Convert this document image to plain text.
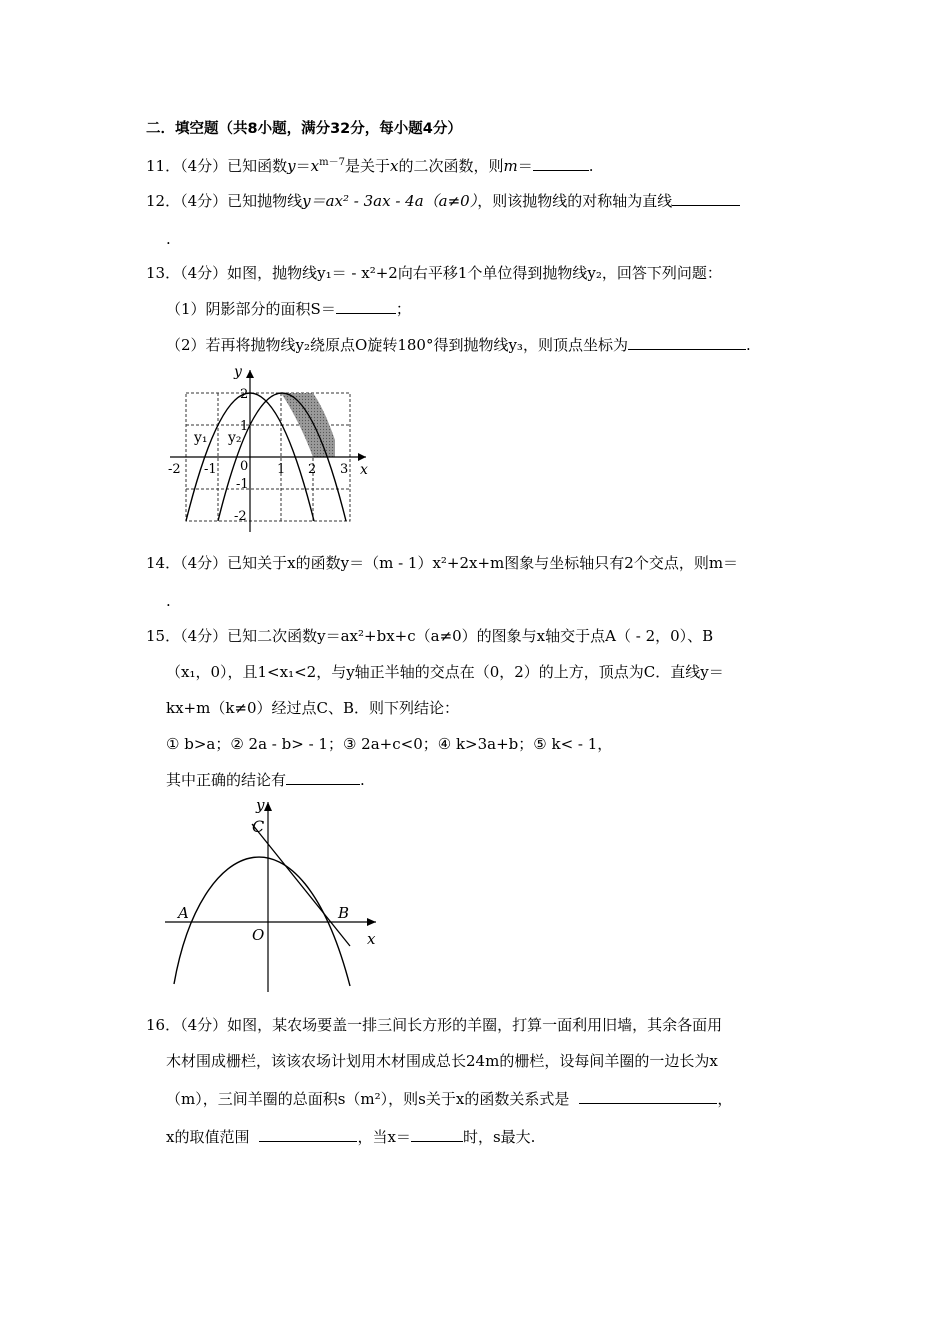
二．填空题（共8小题，满分32分，每小题4分）
11．（4分）已知函数$y=x^{m-7}$是关于x的二次函数，则m＝	.
12．（4分）已知抛物线y＝ax² - 3ax - 4a（a≠0），则该抛物线的对称轴为直线
.
13．（4分）如图，抛物线y₁＝ - x²+2向右平移1个单位得到抛物线y₂，回答下列问题：
（1）阴影部分的面积S＝	；
（2）若再将抛物线y₂绕原点O旋转180°得到抛物线y₃，则顶点坐标为	.
y
x
y₁ y₂
2
1
0
-1
-2
-2 -1	1 2 3
14．（4分）已知关于x的函数y＝（m - 1）x²+2x+m图象与坐标轴只有2个交点，则m＝
.
15．（4分）已知二次函数y＝ax²+bx+c（a≠0）的图象与x轴交于点A（ - 2，0）、B
（x₁，0），且1<x₁<2，与y轴正半轴的交点在（0，2）的上方，顶点为C．直线y＝
kx+m（k≠0）经过点C、B．则下列结论：
① b>a；② 2a - b> - 1；③ 2a+c<0；④ k>3a+b；⑤ k< - 1，
其中正确的结论有	.
y
x
C
A	B
O
16．（4分）如图，某农场要盖一排三间长方形的羊圈，打算一面利用旧墙，其余各面用
木材围成栅栏，该该农场计划用木材围成总长24m的栅栏，设每间羊圈的一边长为x
（m），三间羊圈的总面积s（m²），则s关于x的函数关系式是	，
x的取值范围	，当x＝	时，s最大.
